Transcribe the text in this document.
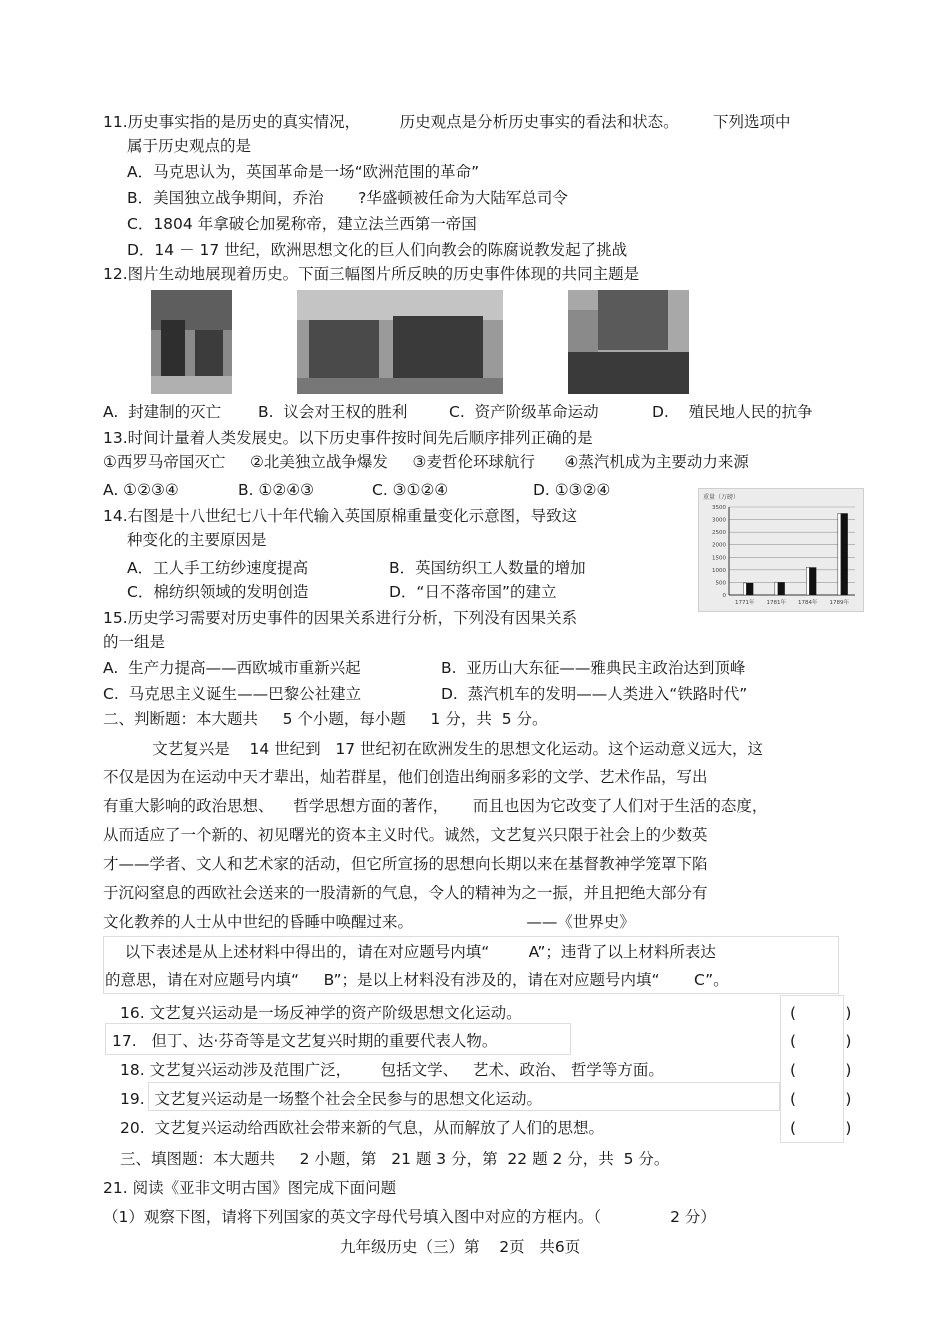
11.历史事实指的是历史的真实情况，        历史观点是分析历史事实的看法和状态。       下列选项中
属于历史观点的是
A．马克思认为，英国革命是一场“欧洲范围的革命”
B．美国独立战争期间，乔治       ?华盛顿被任命为大陆军总司令
C．1804 年拿破仑加冕称帝，建立法兰西第一帝国
D．14 － 17 世纪，欧洲思想文化的巨人们向教会的陈腐说教发起了挑战
12.图片生动地展现着历史。下面三幅图片所反映的历史事件体现的共同主题是
A.  封建制的灭亡 B.  议会对王权的胜利	C.  资产阶级革命运动	D.    殖民地人民的抗争
13.时间计量着人类发展史。以下历史事件按时间先后顺序排列正确的是
①西罗马帝国灭亡     ②北美独立战争爆发     ③麦哲伦环球航行      ④蒸汽机成为主要动力来源
A. ①②③④	B. ①②④③	C. ③①②④	D. ①③②④
14.右图是十八世纪七八十年代输入英国原棉重量变化示意图，导致这
种变化的主要原因是
A．工人手工纺纱速度提高	B．英国纺织工人数量的增加
C．棉纺织领域的发明创造	D．“日不落帝国”的建立
重量（万磅）
3500
3000
2500
2000
1500
1000
500
0
1771年 1781年 1784年 1789年
15.历史学习需要对历史事件的因果关系进行分析，下列没有因果关系
的一组是
A.  生产力提高——西欧城市重新兴起	B.  亚历山大东征——雅典民主政治达到顶峰
C.  马克思主义诞生——巴黎公社建立	D.  蒸汽机车的发明——人类进入“铁路时代”
二、判断题：本大题共     5 个小题，每小题     1 分，共  5 分。
文艺复兴是    14 世纪到   17 世纪初在欧洲发生的思想文化运动。这个运动意义远大，这
不仅是因为在运动中天才辈出，灿若群星，他们创造出绚丽多彩的文学、艺术作品，写出
有重大影响的政治思想、    哲学思想方面的著作，     而且也因为它改变了人们对于生活的态度，
从而适应了一个新的、初见曙光的资本主义时代。诚然，文艺复兴只限于社会上的少数英
才——学者、文人和艺术家的活动，但它所宣扬的思想向长期以来在基督教神学笼罩下陷
于沉闷窒息的西欧社会送来的一股清新的气息，令人的精神为之一振，并且把绝大部分有
文化教养的人士从中世纪的昏睡中唤醒过来。                       ——《世界史》
以下表述是从上述材料中得出的，请在对应题号内填“        A”；违背了以上材料所表达
的意思，请在对应题号内填“     B”；是以上材料没有涉及的，请在对应题号内填“       C”。
16. 文艺复兴运动是一场反神学的资产阶级思想文化运动。
17.   但丁、达·芬奇等是文艺复兴时期的重要代表人物。
18. 文艺复兴运动涉及范围广泛，      包括文学、   艺术、政治、 哲学等方面。
19.  文艺复兴运动是一场整个社会全民参与的思想文化运动。
20.  文艺复兴运动给西欧社会带来新的气息，从而解放了人们的思想。
(          )
(          )
(          )
(          )
(          )
三、填图题：本大题共     2 小题，第   21 题 3 分，第  22 题 2 分，共  5 分。
21. 阅读《亚非文明古国》图完成下面问题
（1）观察下图，请将下列国家的英文字母代号填入图中对应的方框内。（              2 分）
九年级历史（三）第    2页   共6页
